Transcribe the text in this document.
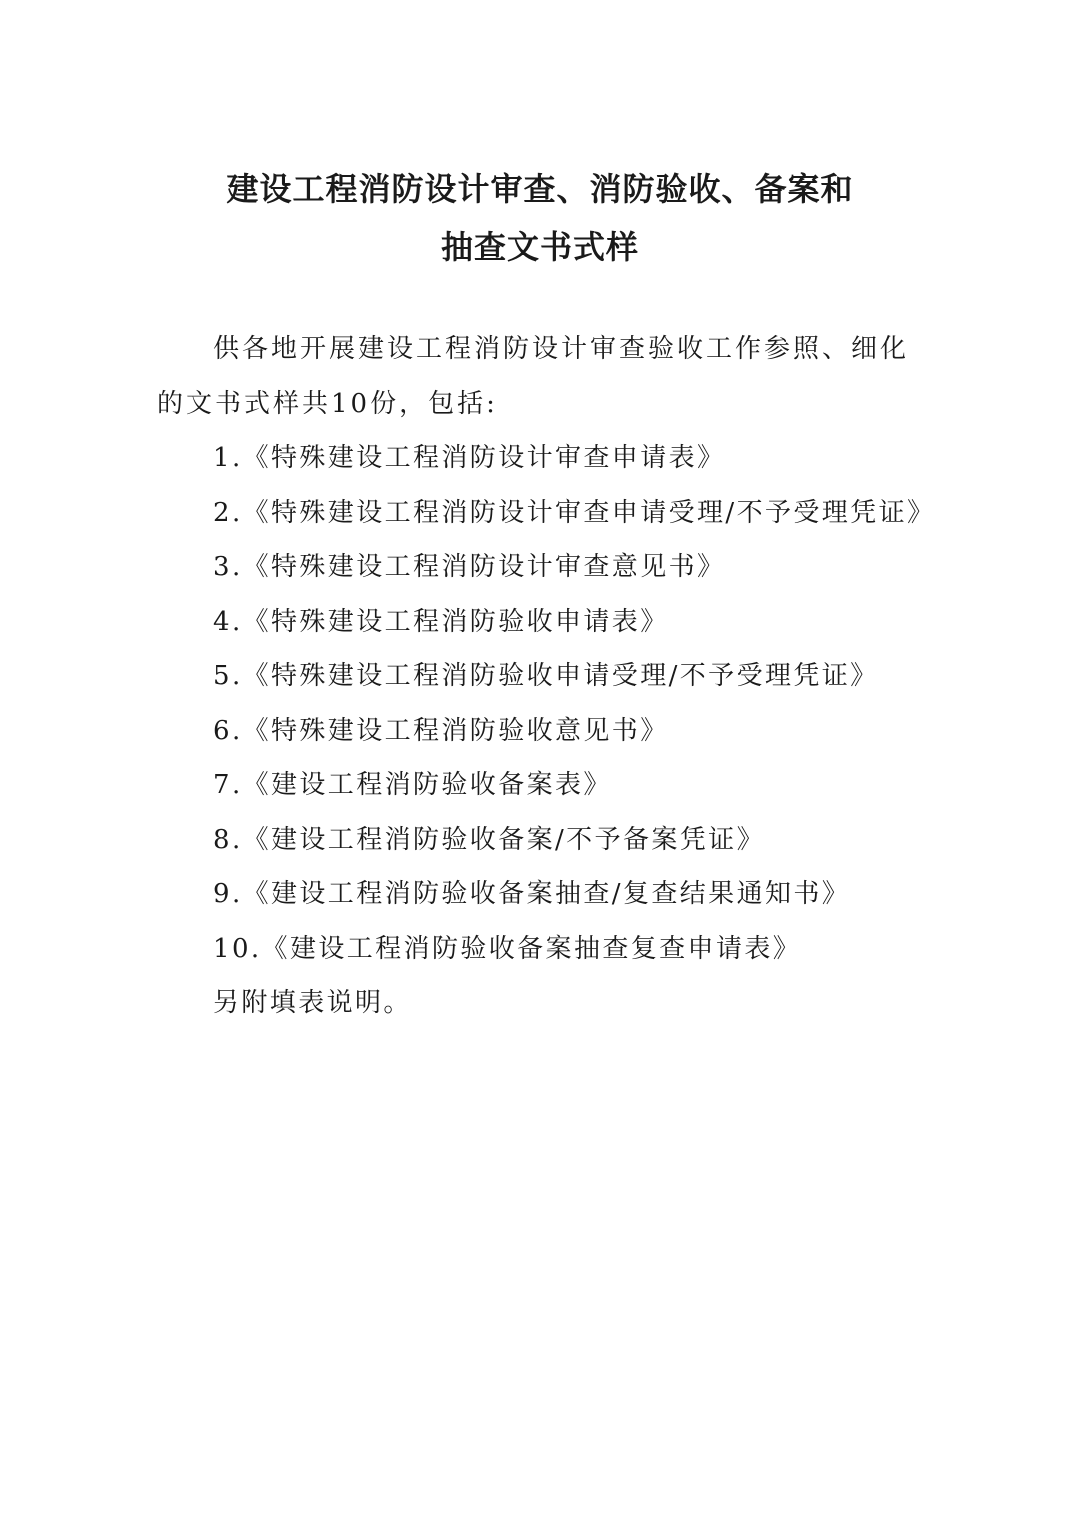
建设工程消防设计审查、消防验收、备案和
抽查文书式样

供各地开展建设工程消防设计审查验收工作参照、细化的文书式样共10份，包括:

1.《特殊建设工程消防设计审查申请表》
2.《特殊建设工程消防设计审查申请受理/不予受理凭证》
3.《特殊建设工程消防设计审查意见书》
4.《特殊建设工程消防验收申请表》
5.《特殊建设工程消防验收申请受理/不予受理凭证》
6.《特殊建设工程消防验收意见书》
7.《建设工程消防验收备案表》
8.《建设工程消防验收备案/不予备案凭证》
9.《建设工程消防验收备案抽查/复查结果通知书》
10.《建设工程消防验收备案抽查复查申请表》
另附填表说明。
